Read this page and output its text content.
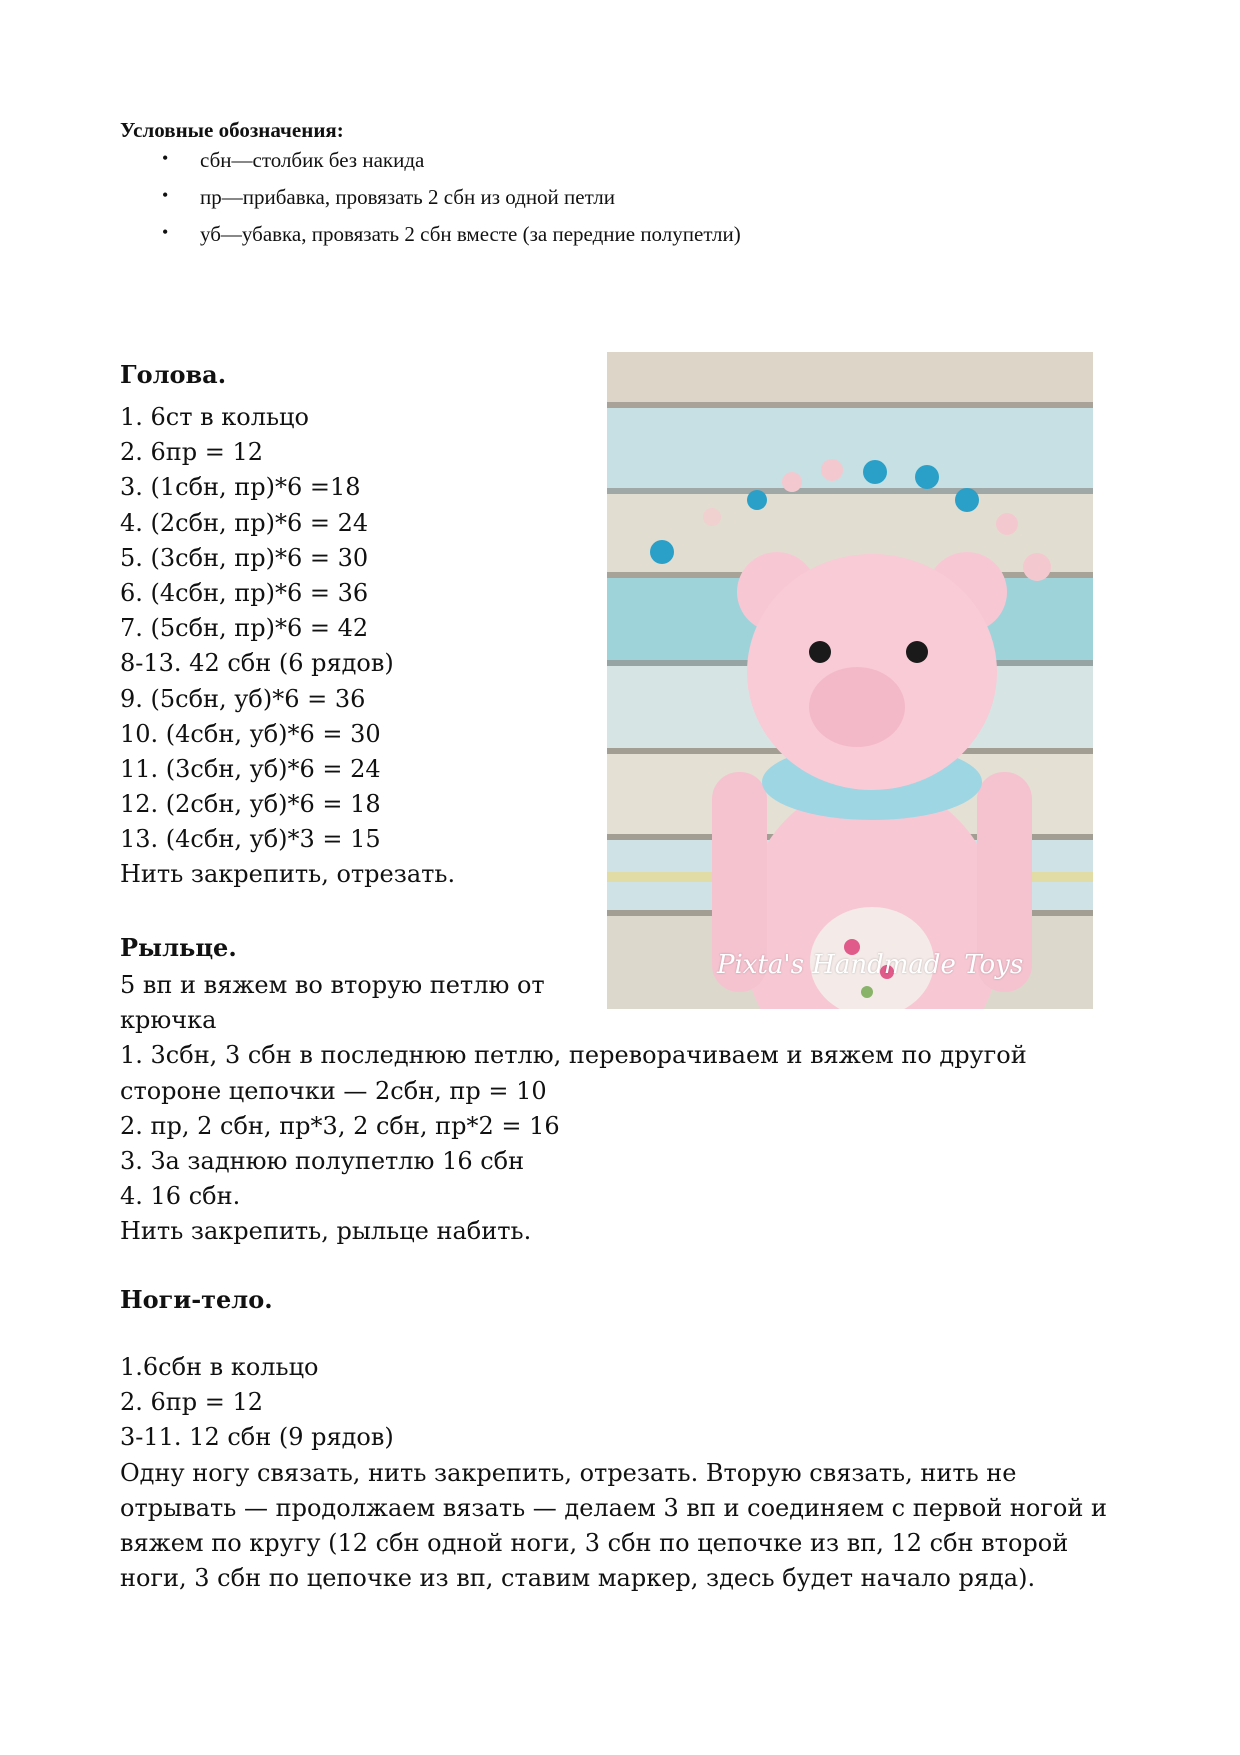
Условные обозначения:
• сбн—столбик без накида
• пр—прибавка, провязать 2 сбн из одной петли
• уб—убавка, провязать 2 сбн вместе (за передние полупетли)
Голова.
1. 6ст в кольцо
2. 6пр = 12
3. (1сбн, пр)*6 =18
4. (2сбн, пр)*6 = 24
5. (3сбн, пр)*6 = 30
6. (4сбн, пр)*6 = 36
7. (5сбн, пр)*6 = 42
8-13. 42 сбн (6 рядов)
9. (5сбн, уб)*6 = 36
10. (4сбн, уб)*6 = 30
11. (3сбн, уб)*6 = 24
12. (2сбн, уб)*6 = 18
13. (4сбн, уб)*3 = 15
Нить закрепить, отрезать.
Pixta's Handmade Toys
Рыльце.
5 вп и вяжем во вторую петлю от
крючка
1. 3сбн, 3 сбн в последнюю петлю, переворачиваем и вяжем по другой
стороне цепочки — 2сбн, пр = 10
2. пр, 2 сбн, пр*3, 2 сбн, пр*2 = 16
3. За заднюю полупетлю 16 сбн
4. 16 сбн.
Нить закрепить, рыльце набить.
Ноги-тело.
1.6сбн в кольцо
2. 6пр = 12
3-11. 12 сбн (9 рядов)
Одну ногу связать, нить закрепить, отрезать. Вторую связать, нить не отрывать — продолжаем вязать — делаем 3 вп и соединяем с первой ногой и вяжем по кругу (12 сбн одной ноги, 3 сбн по цепочке из вп, 12 сбн второй ноги, 3 сбн по цепочке из вп, ставим маркер, здесь будет начало ряда).
